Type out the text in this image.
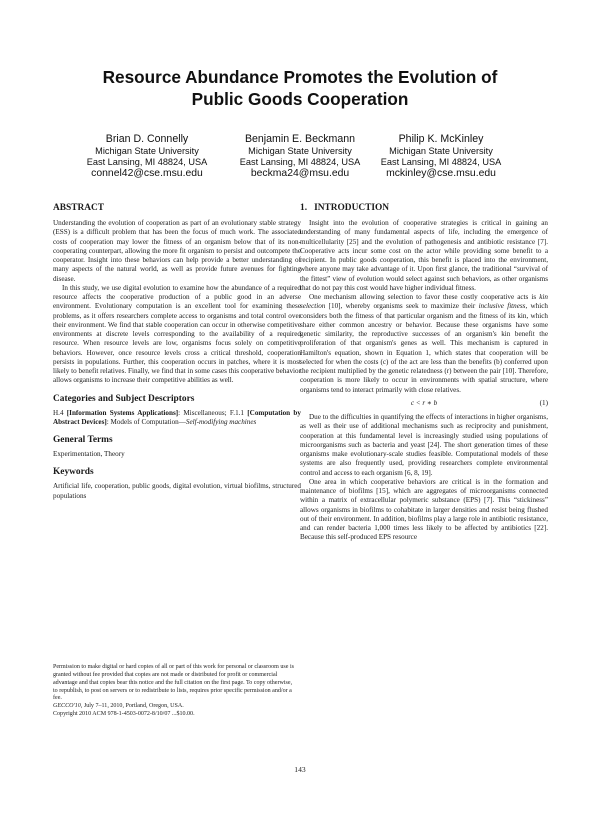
Resource Abundance Promotes the Evolution of
Public Goods Cooperation
Brian D. Connelly
Michigan State University
East Lansing, MI 48824, USA
connel42@cse.msu.edu
Benjamin E. Beckmann
Michigan State University
East Lansing, MI 48824, USA
beckma24@msu.edu
Philip K. McKinley
Michigan State University
East Lansing, MI 48824, USA
mckinley@cse.msu.edu
ABSTRACT

Understanding the evolution of cooperation as part of an evolutionary stable strategy (ESS) is a difficult problem that has been the focus of much work. The associated costs of cooperation may lower the fitness of an organism below that of its non-cooperating counterpart, allowing the more fit organism to persist and outcompete the cooperator. Insight into these behaviors can help provide a better understanding of many aspects of the natural world, as well as provide future avenues for fighting disease.

In this study, we use digital evolution to examine how the abundance of a required resource affects the cooperative production of a public good in an adverse environment. Evolutionary computation is an excellent tool for examining these problems, as it offers researchers complete access to organisms and total control over their environment. We find that stable cooperation can occur in otherwise competitive environments at discrete levels corresponding to the availability of a required resource. When resource levels are low, organisms focus solely on competitive behaviors. However, once resource levels cross a critical threshold, cooperation persists in populations. Further, this cooperation occurs in patches, where it is most likely to benefit relatives. Finally, we find that in some cases this cooperative behavior allows organisms to increase their competitive abilities as well.

Categories and Subject Descriptors

H.4 [Information Systems Applications]: Miscellaneous; F.1.1 [Computation by Abstract Devices]: Models of Computation—Self-modifying machines

General Terms

Experimentation, Theory

Keywords

Artificial life, cooperation, public goods, digital evolution, virtual biofilms, structured populations

Permission to make digital or hard copies of all or part of this work for personal or classroom use is granted without fee provided that copies are not made or distributed for profit or commercial advantage and that copies bear this notice and the full citation on the first page. To copy otherwise, to republish, to post on servers or to redistribute to lists, requires prior specific permission and/or a fee.

GECCO'10, July 7–11, 2010, Portland, Oregon, USA.

Copyright 2010 ACM 978-1-4503-0072-8/10/07 ...$10.00.

1.   INTRODUCTION

Insight into the evolution of cooperative strategies is critical in gaining an understanding of many fundamental aspects of life, including the emergence of multicellularity [25] and the evolution of pathogenesis and antibiotic resistance [7]. Cooperative acts incur some cost on the actor while providing some benefit to a recipient. In public goods cooperation, this benefit is placed into the environment, where anyone may take advantage of it. Upon first glance, the traditional “survival of the fittest” view of evolution would select against such behaviors, as other organisms that do not pay this cost would have higher individual fitness.

One mechanism allowing selection to favor these costly cooperative acts is kin selection [10], whereby organisms seek to maximize their inclusive fitness, which considers both the fitness of that particular organism and the fitness of its kin, which share either common ancestry or behavior. Because these organisms have some genetic similarity, the reproductive successes of an organism's kin benefit the proliferation of that organism's genes as well. This mechanism is captured in Hamilton's equation, shown in Equation 1, which states that cooperation will be selected for when the costs (c) of the act are less than the benefits (b) conferred upon the recipient multiplied by the genetic relatedness (r) between the pair [10]. Therefore, cooperation is more likely to occur in environments with spatial structure, where organisms tend to interact primarily with close relatives.

c < r ∗ b	(1)

Due to the difficulties in quantifying the effects of interactions in higher organisms, as well as their use of additional mechanisms such as reciprocity and punishment, cooperation at this fundamental level is increasingly studied using populations of microorganisms such as bacteria and yeast [24]. The short generation times of these organisms make evolutionary-scale studies feasible. Computational models of these systems are also frequently used, providing researchers complete environmental control and access to each organism [6, 8, 19].

One area in which cooperative behaviors are critical is in the formation and maintenance of biofilms [15], which are aggregates of microorganisms connected within a matrix of extracellular polymeric substance (EPS) [7]. This “stickiness” allows organisms in biofilms to cohabitate in larger densities and resist being flushed out of their environment. In addition, biofilms play a large role in antibiotic resistance, and can render bacteria 1,000 times less likely to be affected by antibiotics [22]. Because this self-produced EPS resource

143
